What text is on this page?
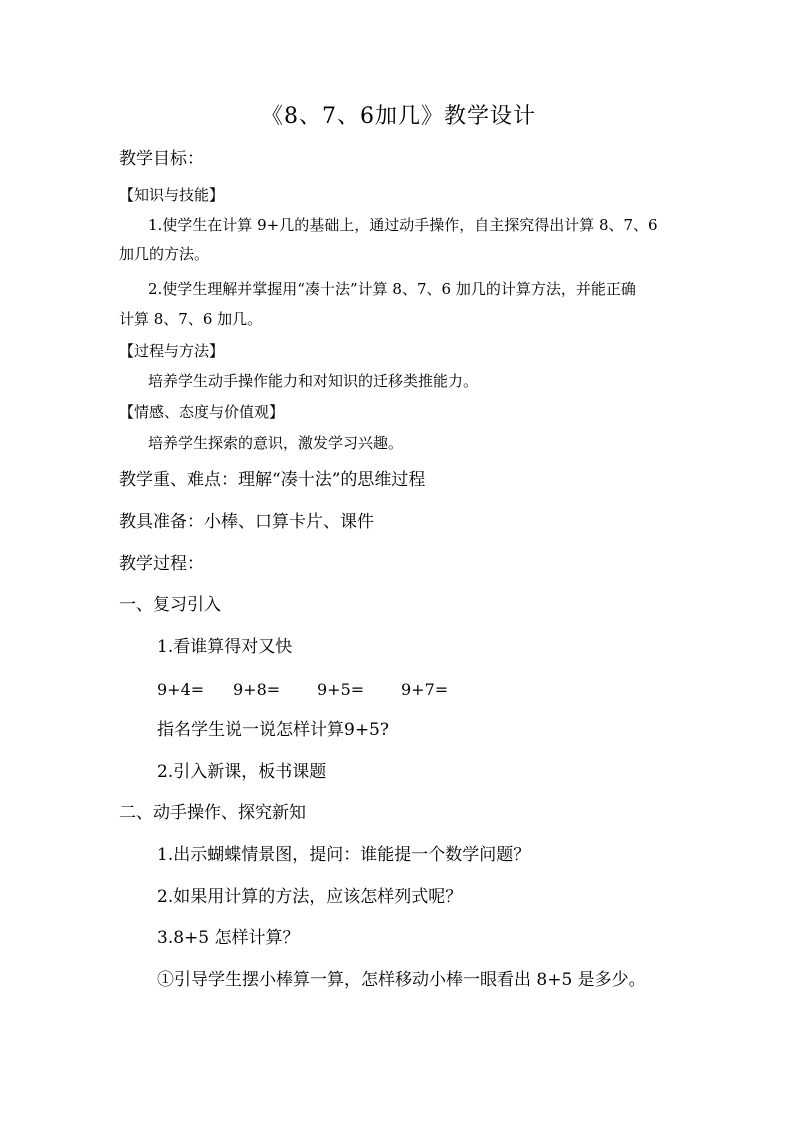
《8、7、6加几》教学设计
教学目标：
【知识与技能】
1.使学生在计算 9+几的基础上，通过动手操作，自主探究得出计算 8、7、6
加几的方法。
2.使学生理解并掌握用“凑十法”计算 8、7、6 加几的计算方法，并能正确
计算 8、7、6 加几。
【过程与方法】
培养学生动手操作能力和对知识的迁移类推能力。
【情感、态度与价值观】
培养学生探索的意识，激发学习兴趣。
教学重、难点：理解“凑十法”的思维过程
教具准备：小棒、口算卡片、课件
教学过程：
一、复习引入
1.看谁算得对又快
9+4= 9+8= 9+5= 9+7=
指名学生说一说怎样计算9+5?
2.引入新课，板书课题
二、动手操作、探究新知
1.出示蝴蝶情景图，提问：谁能提一个数学问题？
2.如果用计算的方法，应该怎样列式呢？
3.8+5 怎样计算？
①引导学生摆小棒算一算，怎样移动小棒一眼看出 8+5 是多少。
